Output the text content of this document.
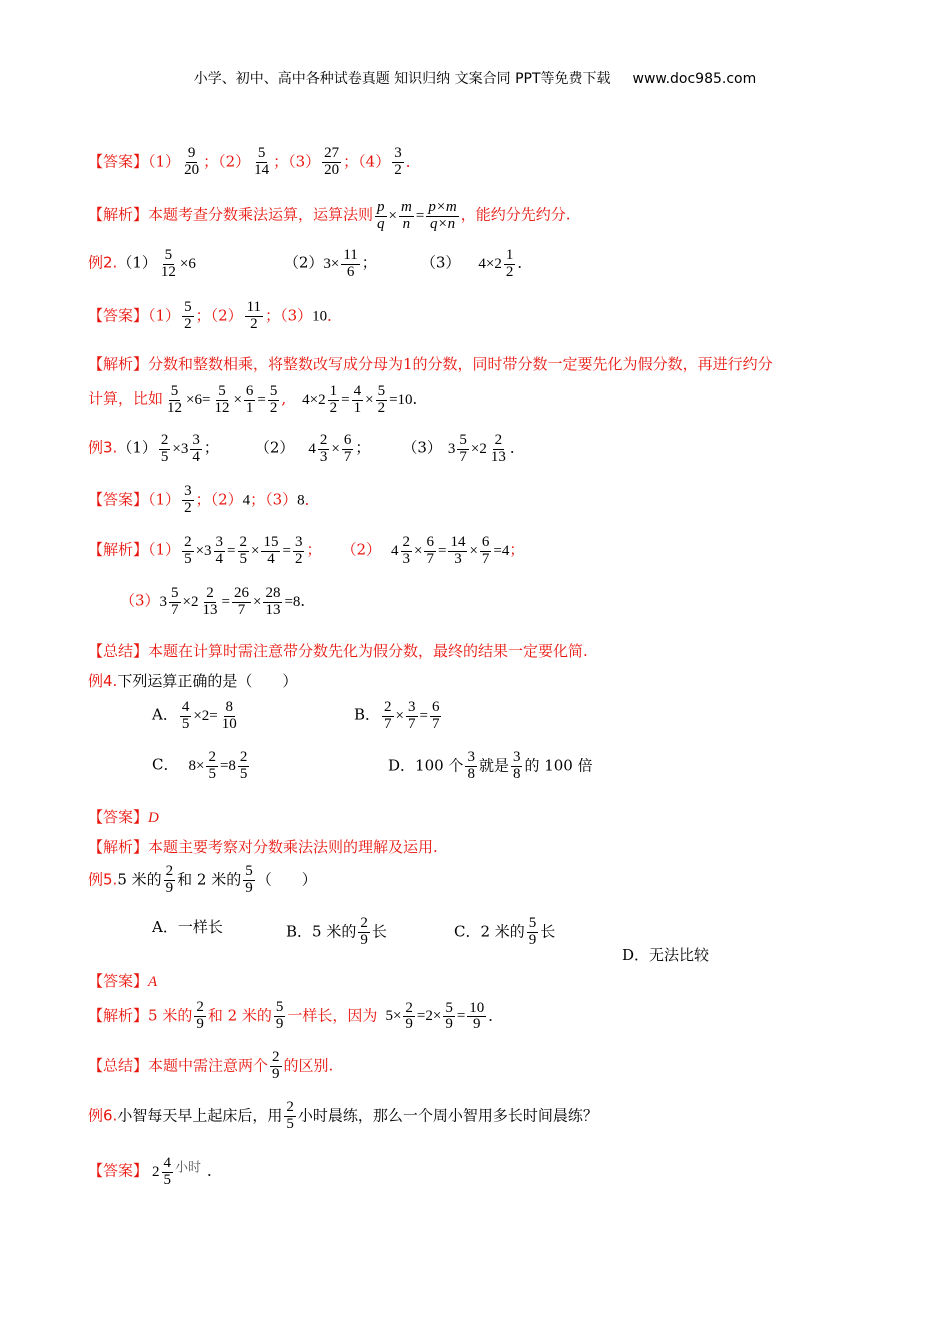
小学、初中、高中各种试卷真题 知识归纳 文案合同 PPT等免费下载 www.doc985.com
【答案】$(1) \frac{9}{20}$ ；$(2) \frac{5}{14}$ ；$(3) \frac{27}{20}$ ；$(4) \frac{3}{2}$ ．
【解析】本题考查分数乘法运算，运算法则 $\frac{p}{q} \times \frac{m}{n} = \frac{p\times m}{q\times n}$ ，能约分先约分.
例$2.(1) \frac{5}{12} \times 6$	$(2)3\times \frac{11}{6}$ ；	（3） $4\times 2 \frac{1}{2}$ ．
【答案】$(1) \frac{5}{2}$ ；$(2) \frac{11}{2}$ ；（3）10．
【解析】分数和整数相乘，将整数改写成分母为1的分数，同时带分数一定要先化为假分数，再进行约分
计算，比如 $\frac{5}{12} \times 6= \frac{5}{12} \times \frac{6}{1} = \frac{5}{2}$ , $4\times 2 \frac{1}{2} = \frac{4}{1} \times \frac{5}{2} =10$．
例$3.(1) \frac{2}{5} \times 3 \frac{3}{4}$ ； （2） $4 \frac{2}{3} \times \frac{6}{7}$ ； （3） $3 \frac{5}{7} \times 2 \frac{2}{13}$ ．
【答案】$(1) \frac{3}{2}$ ；（2）4；（3）8．
【解析】$(1) \frac{2}{5} \times 3 \frac{3}{4} = \frac{2}{5} \times \frac{15}{4} = \frac{3}{2}$ ； （2） $4 \frac{2}{3} \times \frac{6}{7} = \frac{14}{3} \times \frac{6}{7} =4$；
$(3)3 \frac{5}{7} \times 2 \frac{2}{13} = \frac{26}{7} \times \frac{28}{13} =8$．
【总结】本题在计算时需注意带分数先化为假分数，最终的结果一定要化简.
例4.下列运算正确的是（　　）
A． $\frac{4}{5} \times 2= \frac{8}{10}$	B． $\frac{2}{7} \times \frac{3}{7} = \frac{6}{7}$
C． $8\times \frac{2}{5} =8 \frac{2}{5}$	D．100 个 $\frac{3}{8}$ 就是 $\frac{3}{8}$ 的 100 倍
【答案】D
【解析】本题主要考察对分数乘法法则的理解及运用.
例5.5 米的 $\frac{2}{9}$ 和 2 米的 $\frac{5}{9}$ （　　）
A．一样长	B．5 米的 $\frac{2}{9}$ 长	C．2 米的 $\frac{5}{9}$ 长
D．无法比较
【答案】A
【解析】5 米的 $\frac{2}{9}$ 和 2 米的 $\frac{5}{9}$ 一样长，因为 $5\times \frac{2}{9} =2\times \frac{5}{9} = \frac{10}{9}$ ．
【总结】本题中需注意两个 $\frac{2}{9}$ 的区别.
例6.小智每天早上起床后，用 $\frac{2}{5}$ 小时晨练，那么一个周小智用多长时间晨练？
【答案】 $2 \frac{4}{5}$ 小时 ．
